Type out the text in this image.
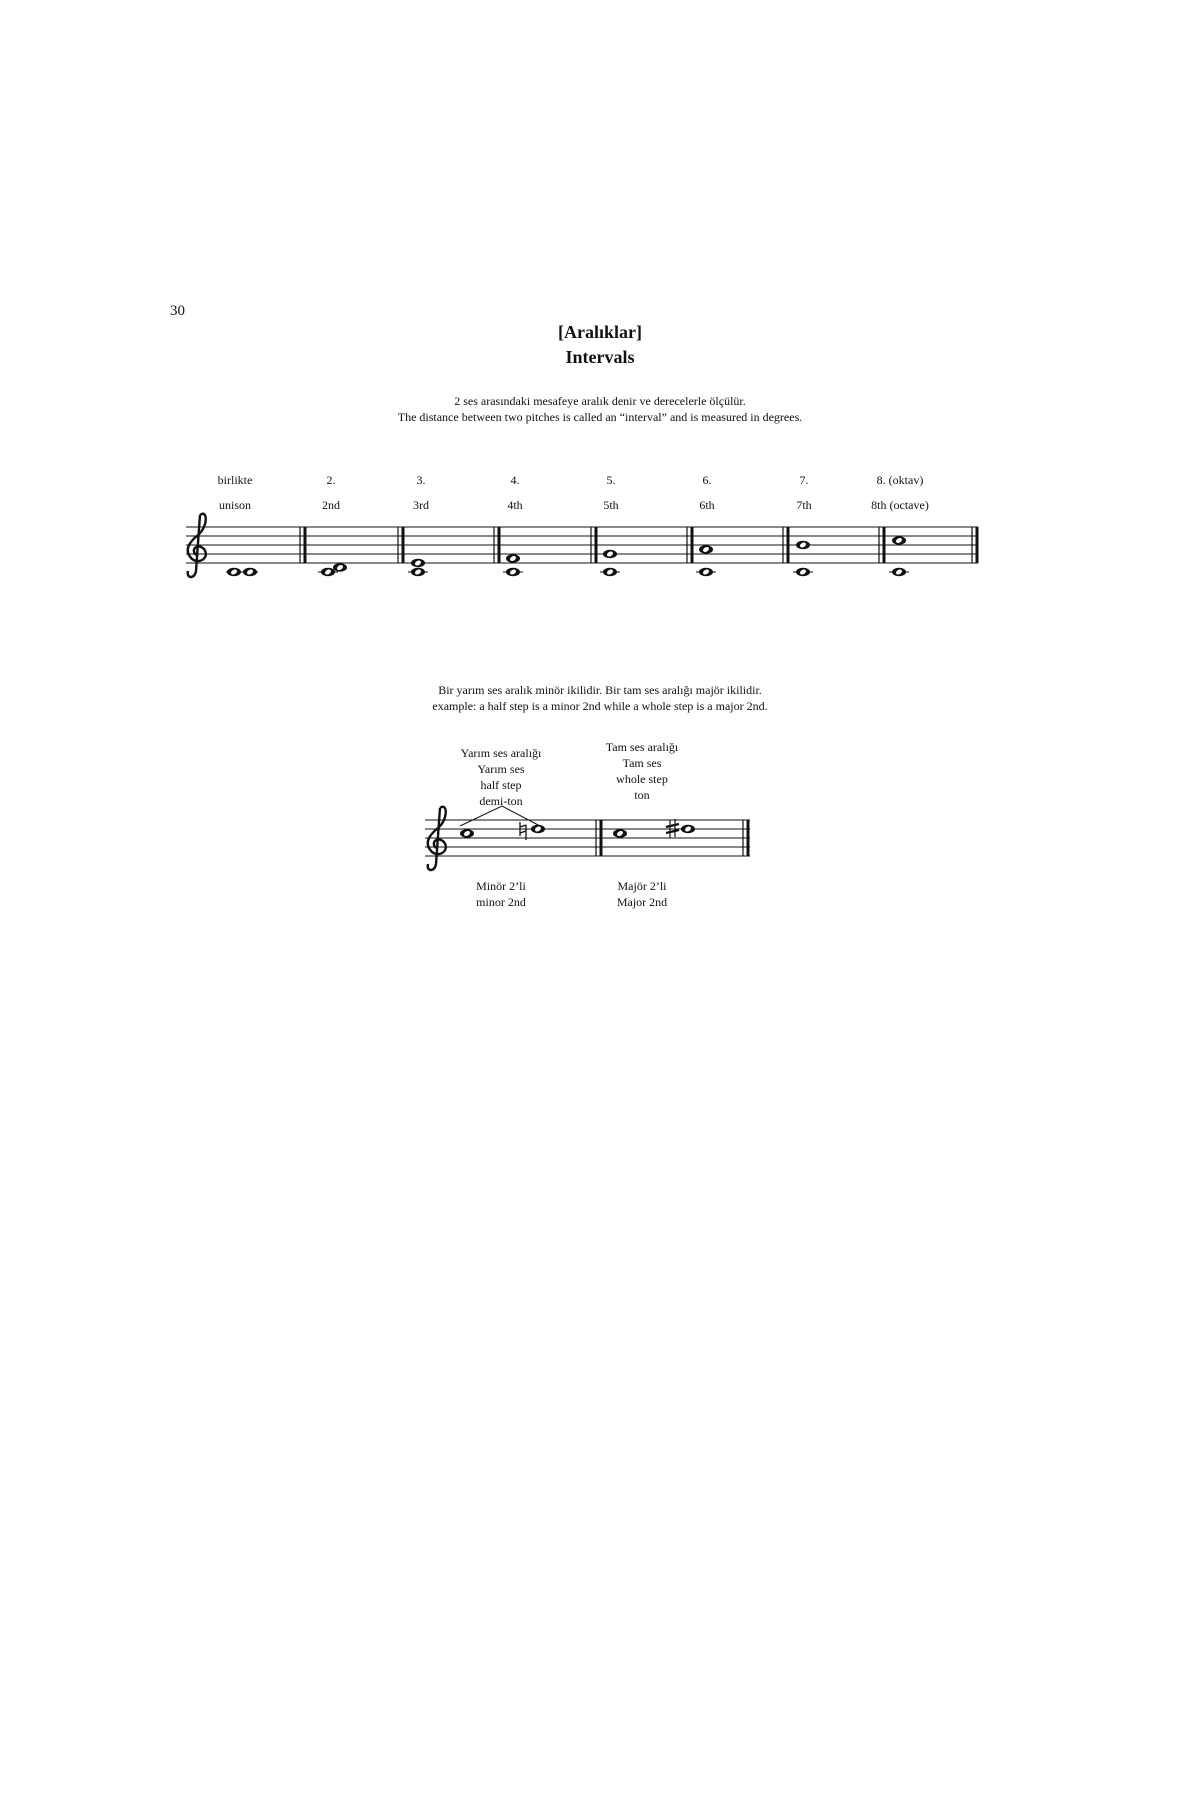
30
[Aralıklar]
Intervals
2 ses arasındaki mesafeye aralık denir ve derecelerle ölçülür.
The distance between two pitches is called an “interval” and is measured in degrees.
birlikte
unison
2.
2nd
3.
3rd
4.
4th
5.
5th
6.
6th
7.
7th
8. (oktav)
8th (octave)
Bir yarım ses aralık minör ikilidir. Bir tam ses aralığı majör ikilidir.
example: a half step is a minor 2nd while a whole step is a major 2nd.
Yarım ses aralığı
Yarım ses
half step
demi-ton
Tam ses aralığı
Tam ses
whole step
ton
Minör 2’li
minor 2nd
Majör 2’li
Major 2nd
